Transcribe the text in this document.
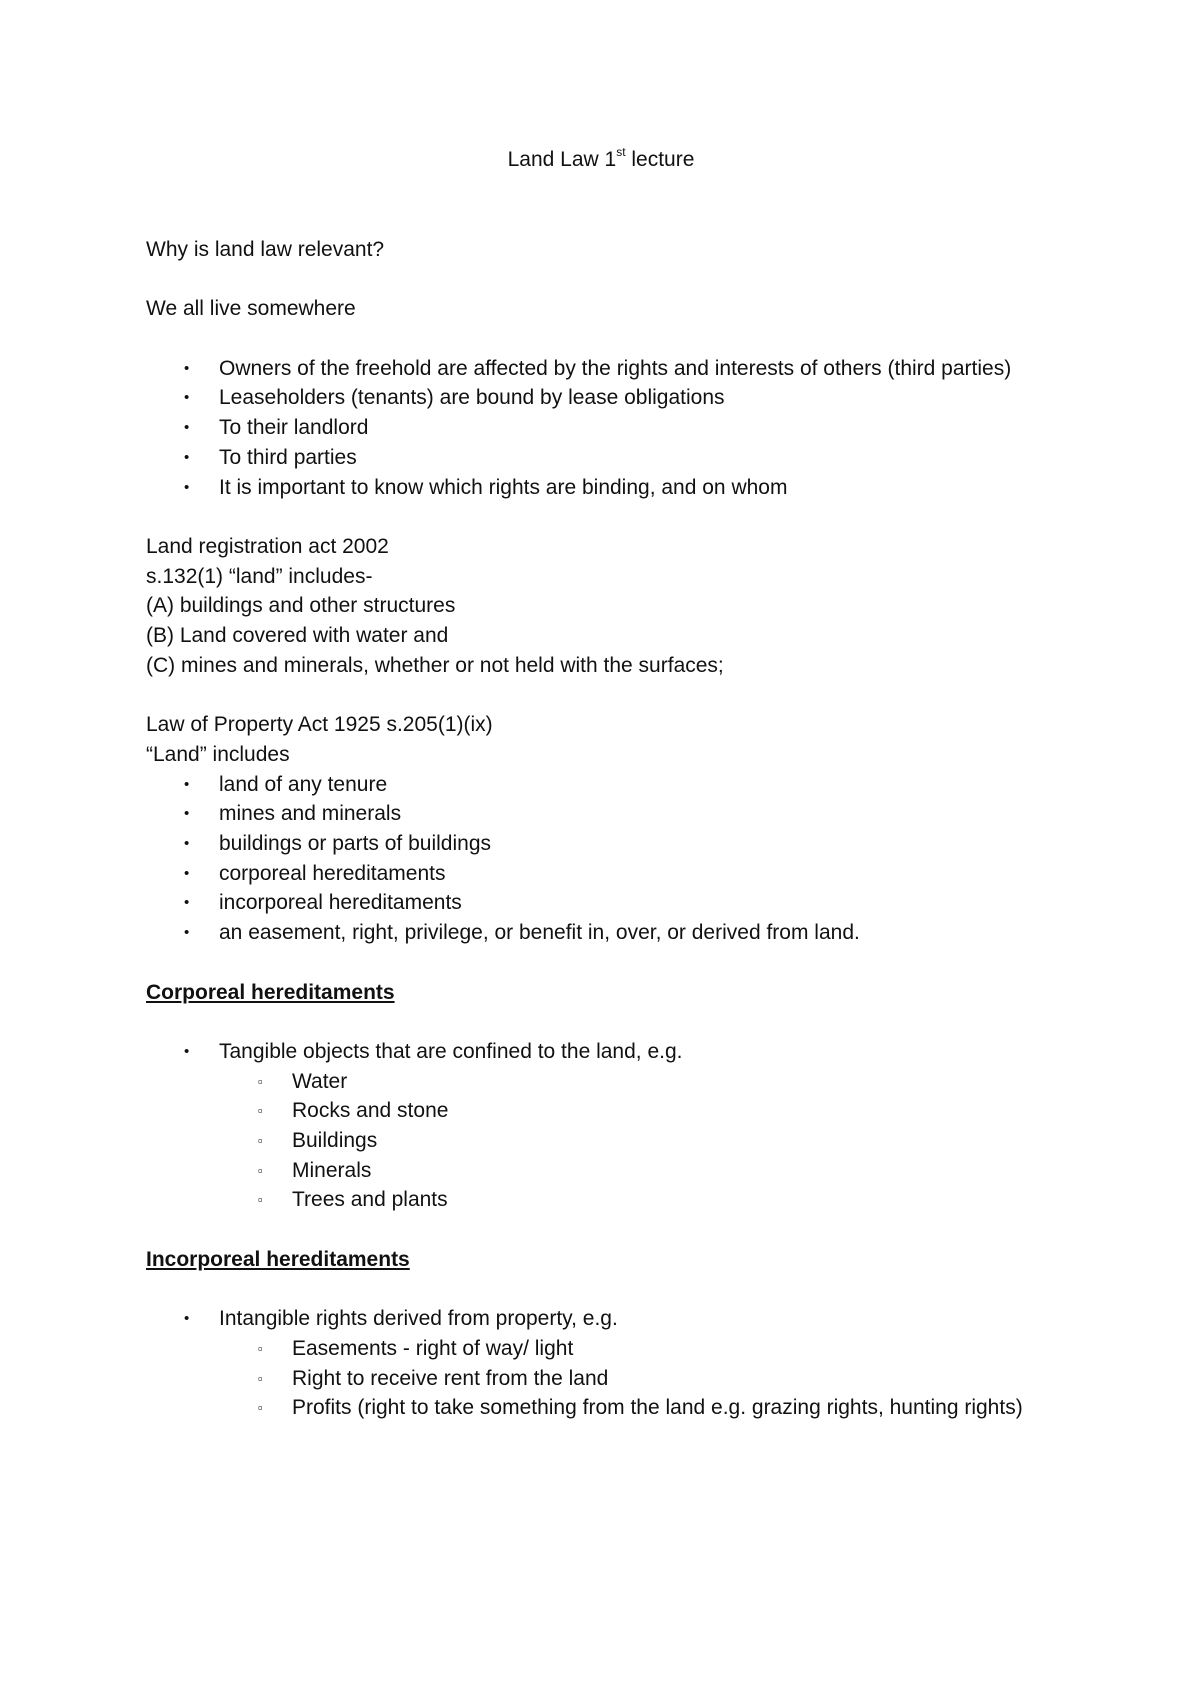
Land Law 1st lecture

Why is land law relevant?

We all live somewhere

• Owners of the freehold are affected by the rights and interests of others (third parties)
• Leaseholders (tenants) are bound by lease obligations
• To their landlord
• To third parties
• It is important to know which rights are binding, and on whom

Land registration act 2002

s.132(1) “land” includes-

(A) buildings and other structures

(B) Land covered with water and

(C) mines and minerals, whether or not held with the surfaces;

Law of Property Act 1925 s.205(1)(ix)

“Land” includes

• land of any tenure
• mines and minerals
• buildings or parts of buildings
• corporeal hereditaments
• incorporeal hereditaments
• an easement, right, privilege, or benefit in, over, or derived from land.

Corporeal hereditaments

• Tangible objects that are confined to the land, e.g.
▫ Water
▫ Rocks and stone
▫ Buildings
▫ Minerals
▫ Trees and plants

Incorporeal hereditaments

• Intangible rights derived from property, e.g.
▫ Easements - right of way/ light
▫ Right to receive rent from the land
▫ Profits (right to take something from the land e.g. grazing rights, hunting rights)
